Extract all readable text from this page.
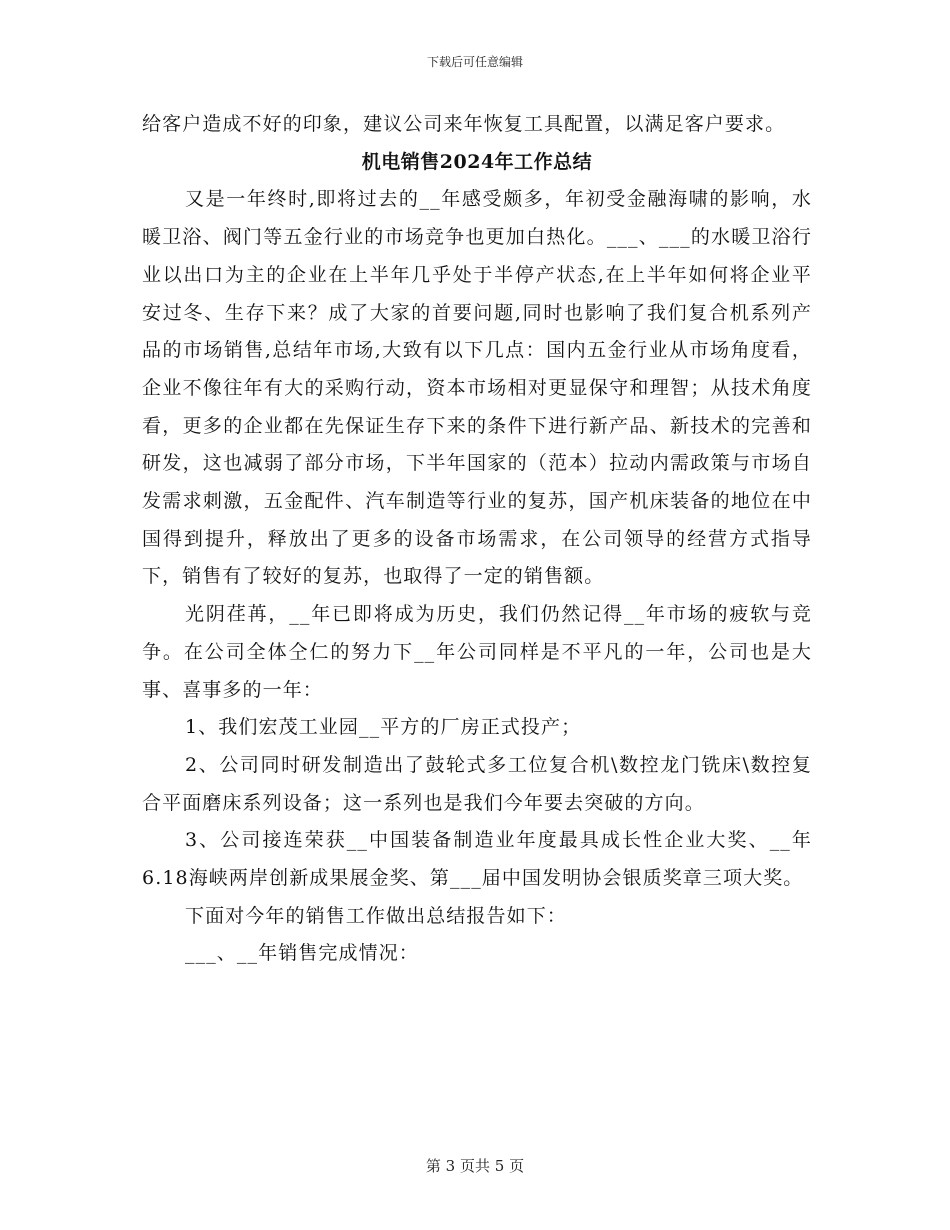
下载后可任意编辑

给客户造成不好的印象，建议公司来年恢复工具配置，以满足客户要求。

机电销售2024年工作总结

又是一年终时,即将过去的__年感受颇多，年初受金融海啸的影响，水暖卫浴、阀门等五金行业的市场竞争也更加白热化。___、___的水暖卫浴行业以出口为主的企业在上半年几乎处于半停产状态,在上半年如何将企业平安过冬、生存下来？成了大家的首要问题,同时也影响了我们复合机系列产品的市场销售,总结年市场,大致有以下几点：国内五金行业从市场角度看，企业不像往年有大的采购行动，资本市场相对更显保守和理智；从技术角度看，更多的企业都在先保证生存下来的条件下进行新产品、新技术的完善和研发，这也减弱了部分市场，下半年国家的（范本）拉动内需政策与市场自发需求刺激，五金配件、汽车制造等行业的复苏，国产机床装备的地位在中国得到提升，释放出了更多的设备市场需求，在公司领导的经营方式指导下，销售有了较好的复苏，也取得了一定的销售额。

光阴荏苒，__年已即将成为历史，我们仍然记得__年市场的疲软与竞争。在公司全体仝仁的努力下__年公司同样是不平凡的一年，公司也是大事、喜事多的一年：

1、我们宏茂工业园__平方的厂房正式投产；

2、公司同时研发制造出了鼓轮式多工位复合机\数控龙门铣床\数控复合平面磨床系列设备；这一系列也是我们今年要去突破的方向。

3、公司接连荣获__中国装备制造业年度最具成长性企业大奖、__年6.18海峡两岸创新成果展金奖、第___届中国发明协会银质奖章三项大奖。

下面对今年的销售工作做出总结报告如下：

___、__年销售完成情况：

第 3 页共 5 页
